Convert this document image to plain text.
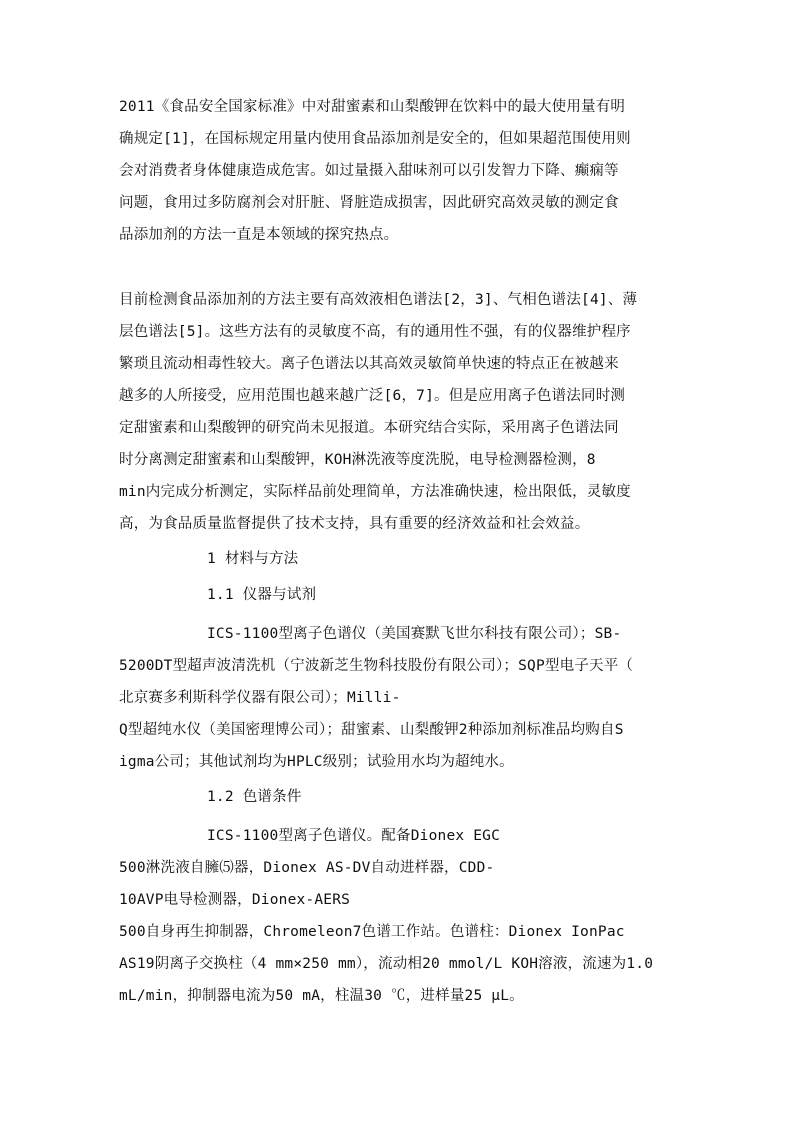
2011《食品安全国家标准》中对甜蜜素和山梨酸钾在饮料中的最大使用量有明
确规定[1]，在国标规定用量内使用食品添加剂是安全的，但如果超范围使用则
会对消费者身体健康造成危害。如过量摄入甜味剂可以引发智力下降、癫痫等
问题，食用过多防腐剂会对肝脏、肾脏造成损害，因此研究高效灵敏的测定食
品添加剂的方法一直是本领域的探究热点。
目前检测食品添加剂的方法主要有高效液相色谱法[2，3]、气相色谱法[4]、薄
层色谱法[5]。这些方法有的灵敏度不高，有的通用性不强，有的仪器维护程序
繁琐且流动相毒性较大。离子色谱法以其高效灵敏简单快速的特点正在被越来
越多的人所接受，应用范围也越来越广泛[6，7]。但是应用离子色谱法同时测
定甜蜜素和山梨酸钾的研究尚未见报道。本研究结合实际，采用离子色谱法同
时分离测定甜蜜素和山梨酸钾，KOH淋洗液等度洗脱，电导检测器检测，8
min内完成分析测定，实际样品前处理简单，方法准确快速，检出限低，灵敏度
高，为食品质量监督提供了技术支持，具有重要的经济效益和社会效益。
1 材料与方法
1.1 仪器与试剂
ICS-1100型离子色谱仪（美国赛默飞世尔科技有限公司）；SB-
5200DT型超声波清洗机（宁波新芝生物科技股份有限公司）；SQP型电子天平（
北京赛多利斯科学仪器有限公司）；Milli-
Q型超纯水仪（美国密理博公司）；甜蜜素、山梨酸钾2种添加剂标准品均购自S
igma公司；其他试剂均为HPLC级别；试验用水均为超纯水。
1.2 色谱条件
ICS-1100型离子色谱仪。配备Dionex EGC
500淋洗液自臃⑸器，Dionex AS-DV自动进样器，CDD-
10AVP电导检测器，Dionex-AERS
500自身再生抑制器，Chromeleon7色谱工作站。色谱柱：Dionex IonPac
AS19阴离子交换柱（4 mm×250 mm），流动相20 mmol/L KOH溶液，流速为1.0
mL/min，抑制器电流为50 mA，柱温30 ℃，进样量25 μL。
